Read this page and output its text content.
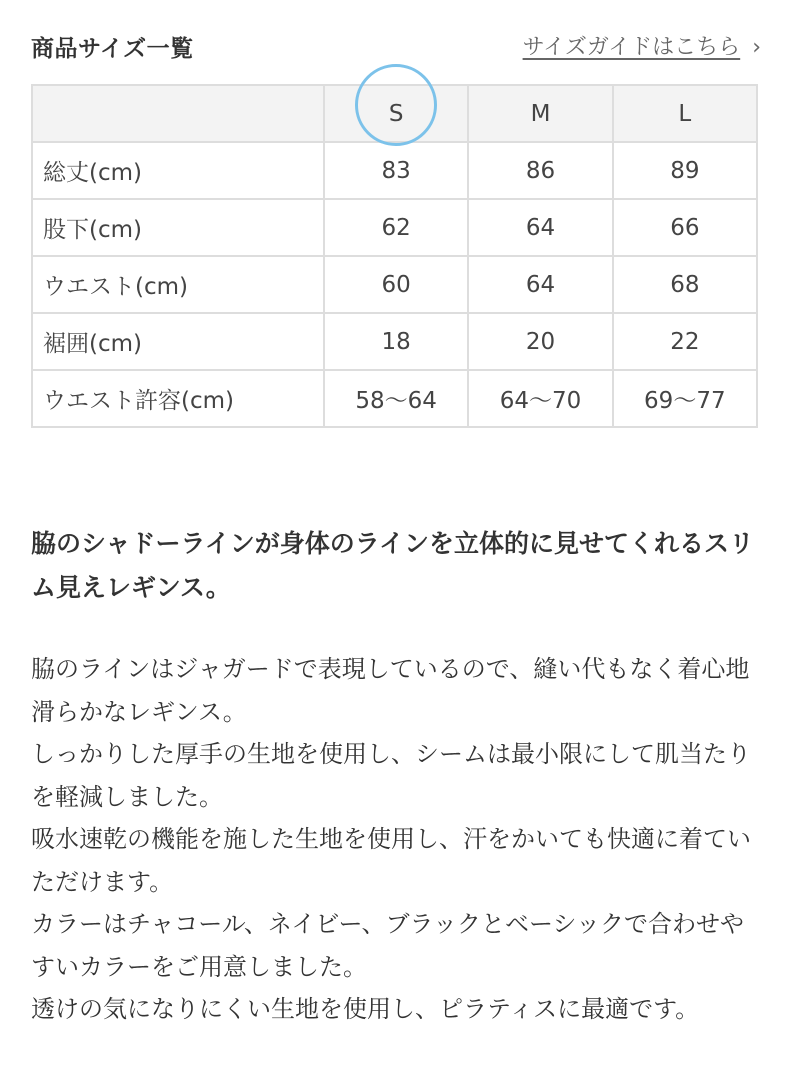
商品サイズ一覧	サイズガイドはこちら ›

S	M	L
総丈(cm)	83	86	89
股下(cm)	62	64	66
ウエスト(cm)	60	64	68
裾囲(cm)	18	20	22
ウエスト許容(cm)	58〜64	64〜70	69〜77
脇のシャドーラインが身体のラインを立体的に見せてくれるスリム見えレギンス。

脇のラインはジャガードで表現しているので、縫い代もなく着心地滑らかなレギンス。

しっかりした厚手の生地を使用し、シームは最小限にして肌当たりを軽減しました。

吸水速乾の機能を施した生地を使用し、汗をかいても快適に着ていただけます。

カラーはチャコール、ネイビー、ブラックとベーシックで合わせやすいカラーをご用意しました。

透けの気になりにくい生地を使用し、ピラティスに最適です。
